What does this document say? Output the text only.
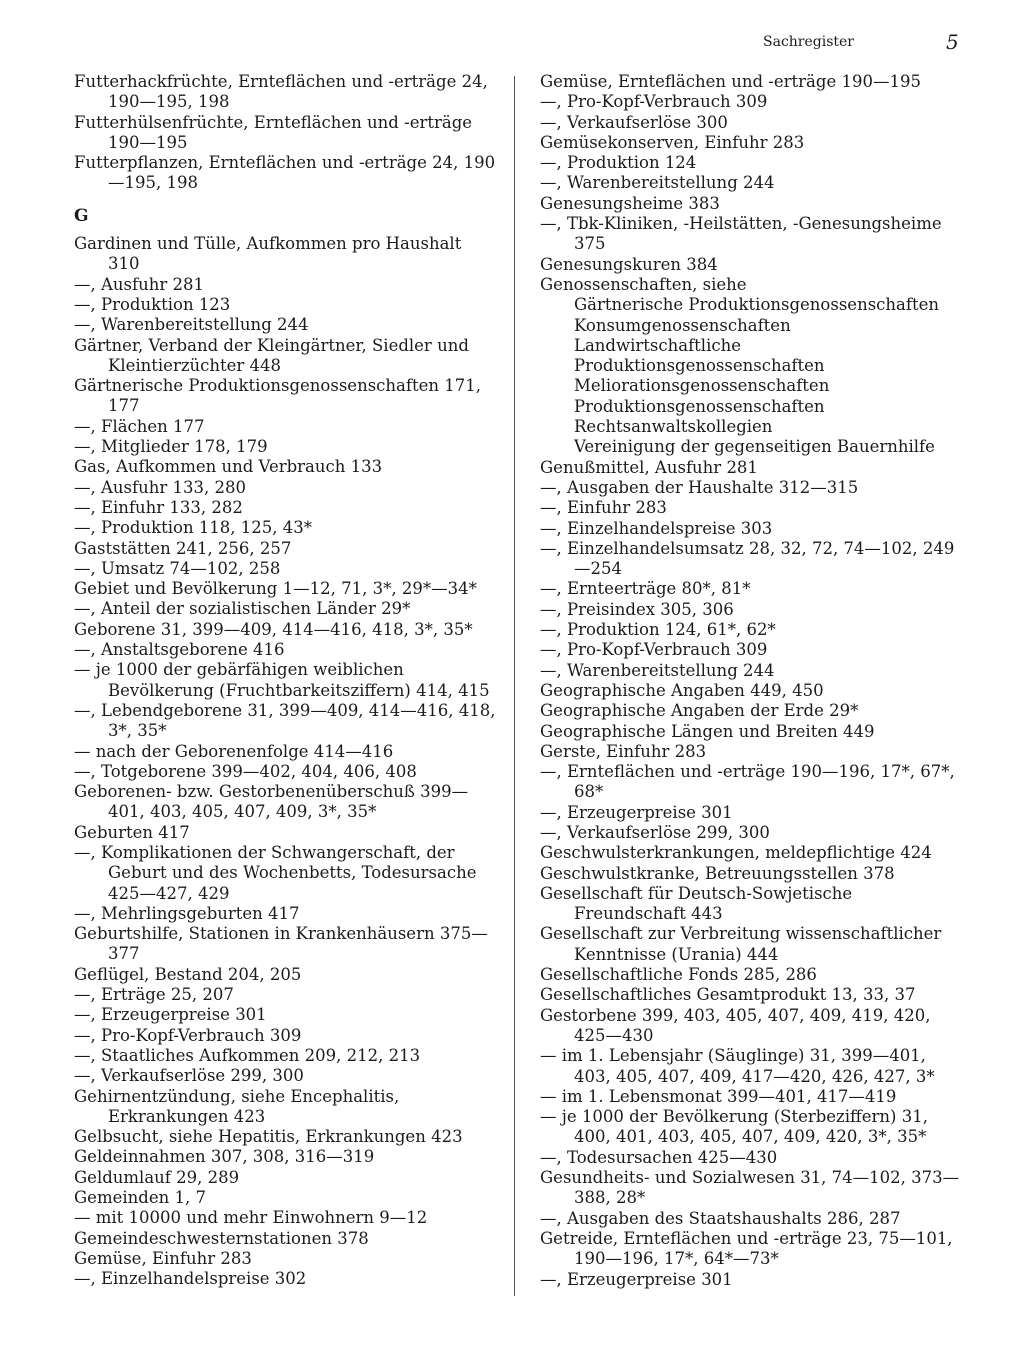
Sachregister	5
Futterhackfrüchte, Ernteflächen und -erträge 24, 190—195, 198
Futterhülsenfrüchte, Ernteflächen und -erträge 190—195
Futterpflanzen, Ernteflächen und -erträge 24, 190—195, 198
G
Gardinen und Tülle, Aufkommen pro Haushalt 310
—, Ausfuhr 281
—, Produktion 123
—, Warenbereitstellung 244
Gärtner, Verband der Kleingärtner, Siedler und Kleintierzüchter 448
Gärtnerische Produktionsgenossenschaften 171, 177
—, Flächen 177
—, Mitglieder 178, 179
Gas, Aufkommen und Verbrauch 133
—, Ausfuhr 133, 280
—, Einfuhr 133, 282
—, Produktion 118, 125, 43*
Gaststätten 241, 256, 257
—, Umsatz 74—102, 258
Gebiet und Bevölkerung 1—12, 71, 3*, 29*—34*
—, Anteil der sozialistischen Länder 29*
Geborene 31, 399—409, 414—416, 418, 3*, 35*
—, Anstaltsgeborene 416
— je 1000 der gebärfähigen weiblichen Bevölkerung (Fruchtbarkeitsziffern) 414, 415
—, Lebendgeborene 31, 399—409, 414—416, 418, 3*, 35*
— nach der Geborenenfolge 414—416
—, Totgeborene 399—402, 404, 406, 408
Geborenen- bzw. Gestorbenenüberschuß 399—401, 403, 405, 407, 409, 3*, 35*
Geburten 417
—, Komplikationen der Schwangerschaft, der Geburt und des Wochenbetts, Todesursache 425—427, 429
—, Mehrlingsgeburten 417
Geburtshilfe, Stationen in Krankenhäusern 375—377
Geflügel, Bestand 204, 205
—, Erträge 25, 207
—, Erzeugerpreise 301
—, Pro-Kopf-Verbrauch 309
—, Staatliches Aufkommen 209, 212, 213
—, Verkaufserlöse 299, 300
Gehirnentzündung, siehe Encephalitis, Erkrankungen 423
Gelbsucht, siehe Hepatitis, Erkrankungen 423
Geldeinnahmen 307, 308, 316—319
Geldumlauf 29, 289
Gemeinden 1, 7
— mit 10000 und mehr Einwohnern 9—12
Gemeindeschwesternstationen 378
Gemüse, Einfuhr 283
—, Einzelhandelspreise 302
Gemüse, Ernteflächen und -erträge 190—195
—, Pro-Kopf-Verbrauch 309
—, Verkaufserlöse 300
Gemüsekonserven, Einfuhr 283
—, Produktion 124
—, Warenbereitstellung 244
Genesungsheime 383
—, Tbk-Kliniken, -Heilstätten, -Genesungsheime 375
Genesungskuren 384
Genossenschaften, siehe
Gärtnerische Produktionsgenossenschaften
Konsumgenossenschaften
Landwirtschaftliche Produktionsgenossenschaften
Meliorationsgenossenschaften
Produktionsgenossenschaften
Rechtsanwaltskollegien
Vereinigung der gegenseitigen Bauernhilfe
Genußmittel, Ausfuhr 281
—, Ausgaben der Haushalte 312—315
—, Einfuhr 283
—, Einzelhandelspreise 303
—, Einzelhandelsumsatz 28, 32, 72, 74—102, 249—254
—, Ernteerträge 80*, 81*
—, Preisindex 305, 306
—, Produktion 124, 61*, 62*
—, Pro-Kopf-Verbrauch 309
—, Warenbereitstellung 244
Geographische Angaben 449, 450
Geographische Angaben der Erde 29*
Geographische Längen und Breiten 449
Gerste, Einfuhr 283
—, Ernteflächen und -erträge 190—196, 17*, 67*, 68*
—, Erzeugerpreise 301
—, Verkaufserlöse 299, 300
Geschwulsterkrankungen, meldepflichtige 424
Geschwulstkranke, Betreuungsstellen 378
Gesellschaft für Deutsch-Sowjetische Freundschaft 443
Gesellschaft zur Verbreitung wissenschaftlicher Kenntnisse (Urania) 444
Gesellschaftliche Fonds 285, 286
Gesellschaftliches Gesamtprodukt 13, 33, 37
Gestorbene 399, 403, 405, 407, 409, 419, 420, 425—430
— im 1. Lebensjahr (Säuglinge) 31, 399—401, 403, 405, 407, 409, 417—420, 426, 427, 3*
— im 1. Lebensmonat 399—401, 417—419
— je 1000 der Bevölkerung (Sterbeziffern) 31, 400, 401, 403, 405, 407, 409, 420, 3*, 35*
—, Todesursachen 425—430
Gesundheits- und Sozialwesen 31, 74—102, 373—388, 28*
—, Ausgaben des Staatshaushalts 286, 287
Getreide, Ernteflächen und -erträge 23, 75—101, 190—196, 17*, 64*—73*
—, Erzeugerpreise 301
